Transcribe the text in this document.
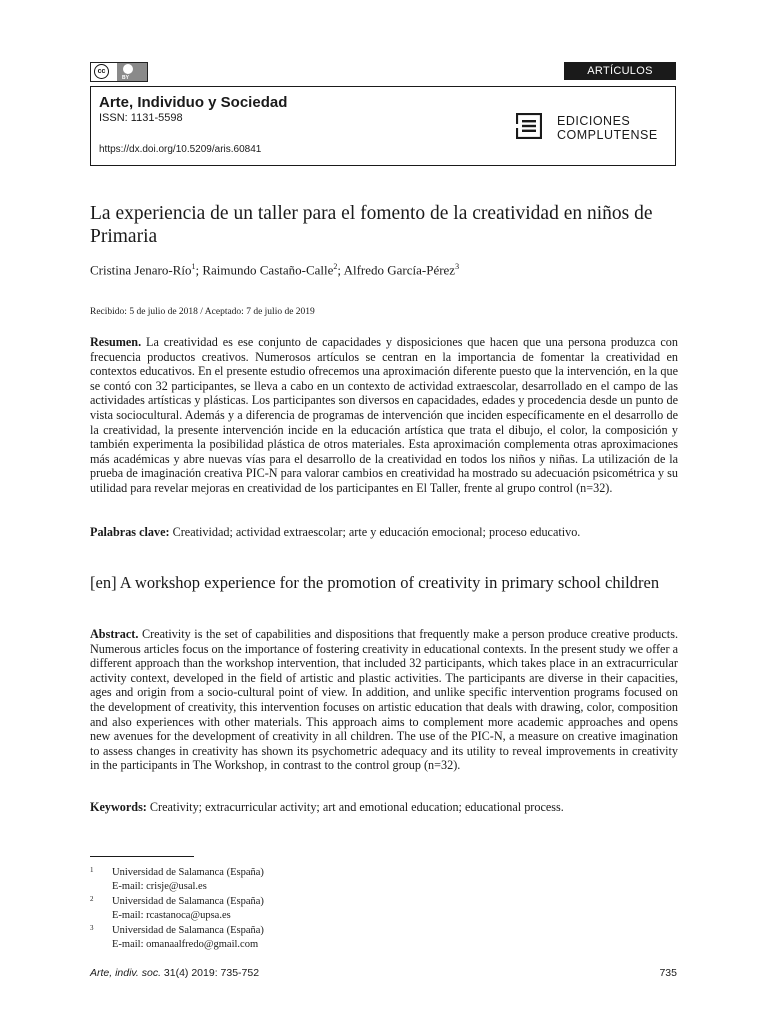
cc
BY
ARTÍCULOS
Arte, Individuo y Sociedad
ISSN: 1131-5598
https://dx.doi.org/10.5209/aris.60841
EDICIONES
COMPLUTENSE
La experiencia de un taller para el fomento de la creatividad en niños de Primaria
Cristina Jenaro-Río$^1$; Raimundo Castaño-Calle$^2$; Alfredo García-Pérez$^3$
Recibido: 5 de julio de 2018 / Aceptado: 7 de julio de 2019
Resumen. La creatividad es ese conjunto de capacidades y disposiciones que hacen que una persona produzca con frecuencia productos creativos. Numerosos artículos se centran en la importancia de fomentar la creatividad en contextos educativos. En el presente estudio ofrecemos una aproximación diferente puesto que la intervención, en la que se contó con 32 participantes, se lleva a cabo en un contexto de actividad extraescolar, desarrollado en el campo de las actividades artísticas y plásticas. Los participantes son diversos en capacidades, edades y procedencia desde un punto de vista sociocultural. Además y a diferencia de programas de intervención que inciden específicamente en el desarrollo de la creatividad, la presente intervención incide en la educación artística que trata el dibujo, el color, la composición y también experimenta la posibilidad plástica de otros materiales. Esta aproximación complementa otras aproximaciones más académicas y abre nuevas vías para el desarrollo de la creatividad en todos los niños y niñas. La utilización de la prueba de imaginación creativa PIC-N para valorar cambios en creatividad ha mostrado su adecuación psicométrica y su utilidad para revelar mejoras en creatividad de los participantes en El Taller, frente al grupo control (n=32).
Palabras clave: Creatividad; actividad extraescolar; arte y educación emocional; proceso educativo.
[en] A workshop experience for the promotion of creativity in primary school children
Abstract. Creativity is the set of capabilities and dispositions that frequently make a person produce creative products. Numerous articles focus on the importance of fostering creativity in educational contexts. In the present study we offer a different approach than the workshop intervention, that included 32 participants, which takes place in an extracurricular activity context, developed in the field of artistic and plastic activities. The participants are diverse in their capacities, ages and origin from a socio-cultural point of view. In addition, and unlike specific intervention programs focused on the development of creativity, this intervention focuses on artistic education that deals with drawing, color, composition and also experiences with other materials. This approach aims to complement more academic approaches and opens new avenues for the development of creativity in all children. The use of the PIC-N, a measure on creative imagination to assess changes in creativity has shown its psychometric adequacy and its utility to reveal improvements in creativity in the participants in The Workshop, in contrast to the control group (n=32).
Keywords: Creativity; extracurricular activity; art and emotional education; educational process.
1 Universidad de Salamanca (España)
E-mail: crisje@usal.es
2 Universidad de Salamanca (España)
E-mail: rcastanoca@upsa.es
3 Universidad de Salamanca (España)
E-mail: omanaalfredo@gmail.com
Arte, indiv. soc. 31(4) 2019: 735-752	735
